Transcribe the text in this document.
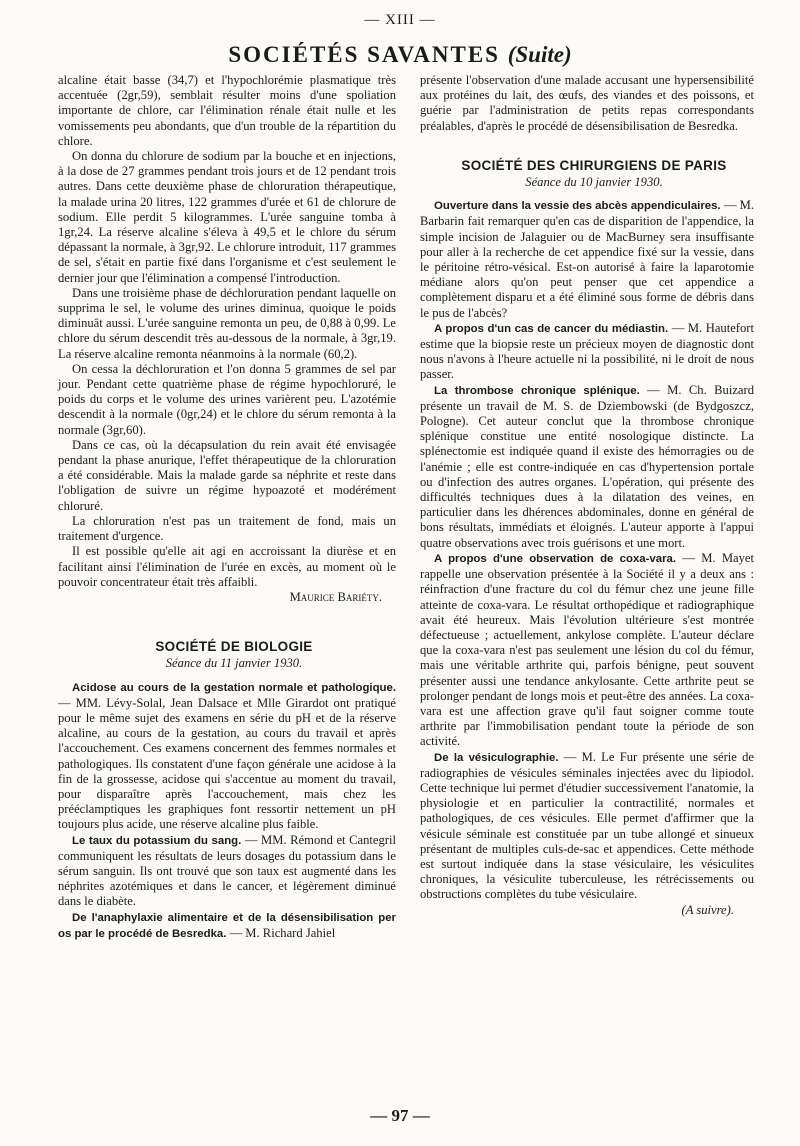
— XIII —
SOCIÉTÉS SAVANTES (Suite)

alcaline était basse (34,7) et l'hypochlorémie plasmatique très accentuée (2gr,59), semblait résulter moins d'une spoliation importante de chlore, car l'élimination rénale était nulle et les vomissements peu abondants, que d'un trouble de la répartition du chlore.

On donna du chlorure de sodium par la bouche et en injections, à la dose de 27 grammes pendant trois jours et de 12 pendant trois autres. Dans cette deuxième phase de chloruration thérapeutique, la malade urina 20 litres, 122 grammes d'urée et 61 de chlorure de sodium. Elle perdit 5 kilogrammes. L'urée sanguine tomba à 1gr,24. La réserve alcaline s'éleva à 49,5 et le chlore du sérum dépassant la normale, à 3gr,92. Le chlorure introduit, 117 grammes de sel, s'était en partie fixé dans l'organisme et c'est seulement le dernier jour que l'élimination a compensé l'introduction.

Dans une troisième phase de déchloruration pendant laquelle on supprima le sel, le volume des urines diminua, quoique le poids diminuât aussi. L'urée sanguine remonta un peu, de 0,88 à 0,99. Le chlore du sérum descendit très au-dessous de la normale, à 3gr,19. La réserve alcaline remonta néanmoins à la normale (60,2).

On cessa la déchloruration et l'on donna 5 grammes de sel par jour. Pendant cette quatrième phase de régime hypochloruré, le poids du corps et le volume des urines varièrent peu. L'azotémie descendit à la normale (0gr,24) et le chlore du sérum remonta à la normale (3gr,60).

Dans ce cas, où la décapsulation du rein avait été envisagée pendant la phase anurique, l'effet thérapeutique de la chloruration a été considérable. Mais la malade garde sa néphrite et reste dans l'obligation de suivre un régime hypoazoté et modérément chloruré.

La chloruration n'est pas un traitement de fond, mais un traitement d'urgence.

Il est possible qu'elle ait agi en accroissant la diurèse et en facilitant ainsi l'élimination de l'urée en excès, au moment où le pouvoir concentrateur était très affaibli.

Maurice Bariéty.

SOCIÉTÉ DE BIOLOGIE

Séance du 11 janvier 1930.

Acidose au cours de la gestation normale et pathologique. — MM. Lévy-Solal, Jean Dalsace et Mlle Girardot ont pratiqué pour le même sujet des examens en série du pH et de la réserve alcaline, au cours de la gestation, au cours du travail et après l'accouchement. Ces examens concernent des femmes normales et pathologiques. Ils constatent d'une façon générale une acidose à la fin de la grossesse, acidose qui s'accentue au moment du travail, pour disparaître après l'accouchement, mais chez les prééclamptiques les graphiques font ressortir nettement un pH toujours plus acide, une réserve alcaline plus faible.

Le taux du potassium du sang. — MM. Rémond et Cantegril communiquent les résultats de leurs dosages du potassium dans le sérum sanguin. Ils ont trouvé que son taux est augmenté dans les néphrites azotémiques et dans le cancer, et légèrement diminué dans le diabète.

De l'anaphylaxie alimentaire et de la désensibilisation per os par le procédé de Besredka. — M. Richard Jahiel

présente l'observation d'une malade accusant une hypersensibilité aux protéines du lait, des œufs, des viandes et des poissons, et guérie par l'administration de petits repas correspondants préalables, d'après le procédé de désensibilisation de Besredka.

SOCIÉTÉ DES CHIRURGIENS DE PARIS

Séance du 10 janvier 1930.

Ouverture dans la vessie des abcès appendiculaires. — M. Barbarin fait remarquer qu'en cas de disparition de l'appendice, la simple incision de Jalaguier ou de MacBurney sera insuffisante pour aller à la recherche de cet appendice fixé sur la vessie, dans le péritoine rétro-vésical. Est-on autorisé à faire la laparotomie médiane alors qu'on peut penser que cet appendice a complètement disparu et a été éliminé sous forme de débris dans le pus de l'abcès?

A propos d'un cas de cancer du médiastin. — M. Hautefort estime que la biopsie reste un précieux moyen de diagnostic dont nous n'avons à l'heure actuelle ni la possibilité, ni le droit de nous passer.

La thrombose chronique splénique. — M. Ch. Buizard présente un travail de M. S. de Dziembowski (de Bydgoszcz, Pologne). Cet auteur conclut que la thrombose chronique splénique constitue une entité nosologique distincte. La splénectomie est indiquée quand il existe des hémorragies ou de l'anémie ; elle est contre-indiquée en cas d'hypertension portale ou d'infection des autres organes. L'opération, qui présente des difficultés techniques dues à la dilatation des veines, en particulier dans les dhérences abdominales, donne en général de bons résultats, immédiats et éloignés. L'auteur apporte à l'appui quatre observations avec trois guérisons et une mort.

A propos d'une observation de coxa-vara. — M. Mayet rappelle une observation présentée à la Société il y a deux ans : réinfraction d'une fracture du col du fémur chez une jeune fille atteinte de coxa-vara. Le résultat orthopédique et radiographique avait été heureux. Mais l'évolution ultérieure s'est montrée défectueuse ; actuellement, ankylose complète. L'auteur déclare que la coxa-vara n'est pas seulement une lésion du col du fémur, mais une véritable arthrite qui, parfois bénigne, peut souvent présenter aussi une tendance ankylosante. Cette arthrite peut se prolonger pendant de longs mois et peut-être des années. La coxa-vara est une affection grave qu'il faut soigner comme toute arthrite par l'immobilisation pendant toute la période de son activité.

De la vésiculographie. — M. Le Fur présente une série de radiographies de vésicules séminales injectées avec du lipiodol. Cette technique lui permet d'étudier successivement l'anatomie, la physiologie et en particulier la contractilité, normales et pathologiques, de ces vésicules. Elle permet d'affirmer que la vésicule séminale est constituée par un tube allongé et sinueux présentant de multiples culs-de-sac et appendices. Cette méthode est surtout indiquée dans la stase vésiculaire, les vésiculites chroniques, la vésiculite tuberculeuse, les rétrécissements ou obstructions complètes du tube vésiculaire.

(A suivre).

— 97 —
